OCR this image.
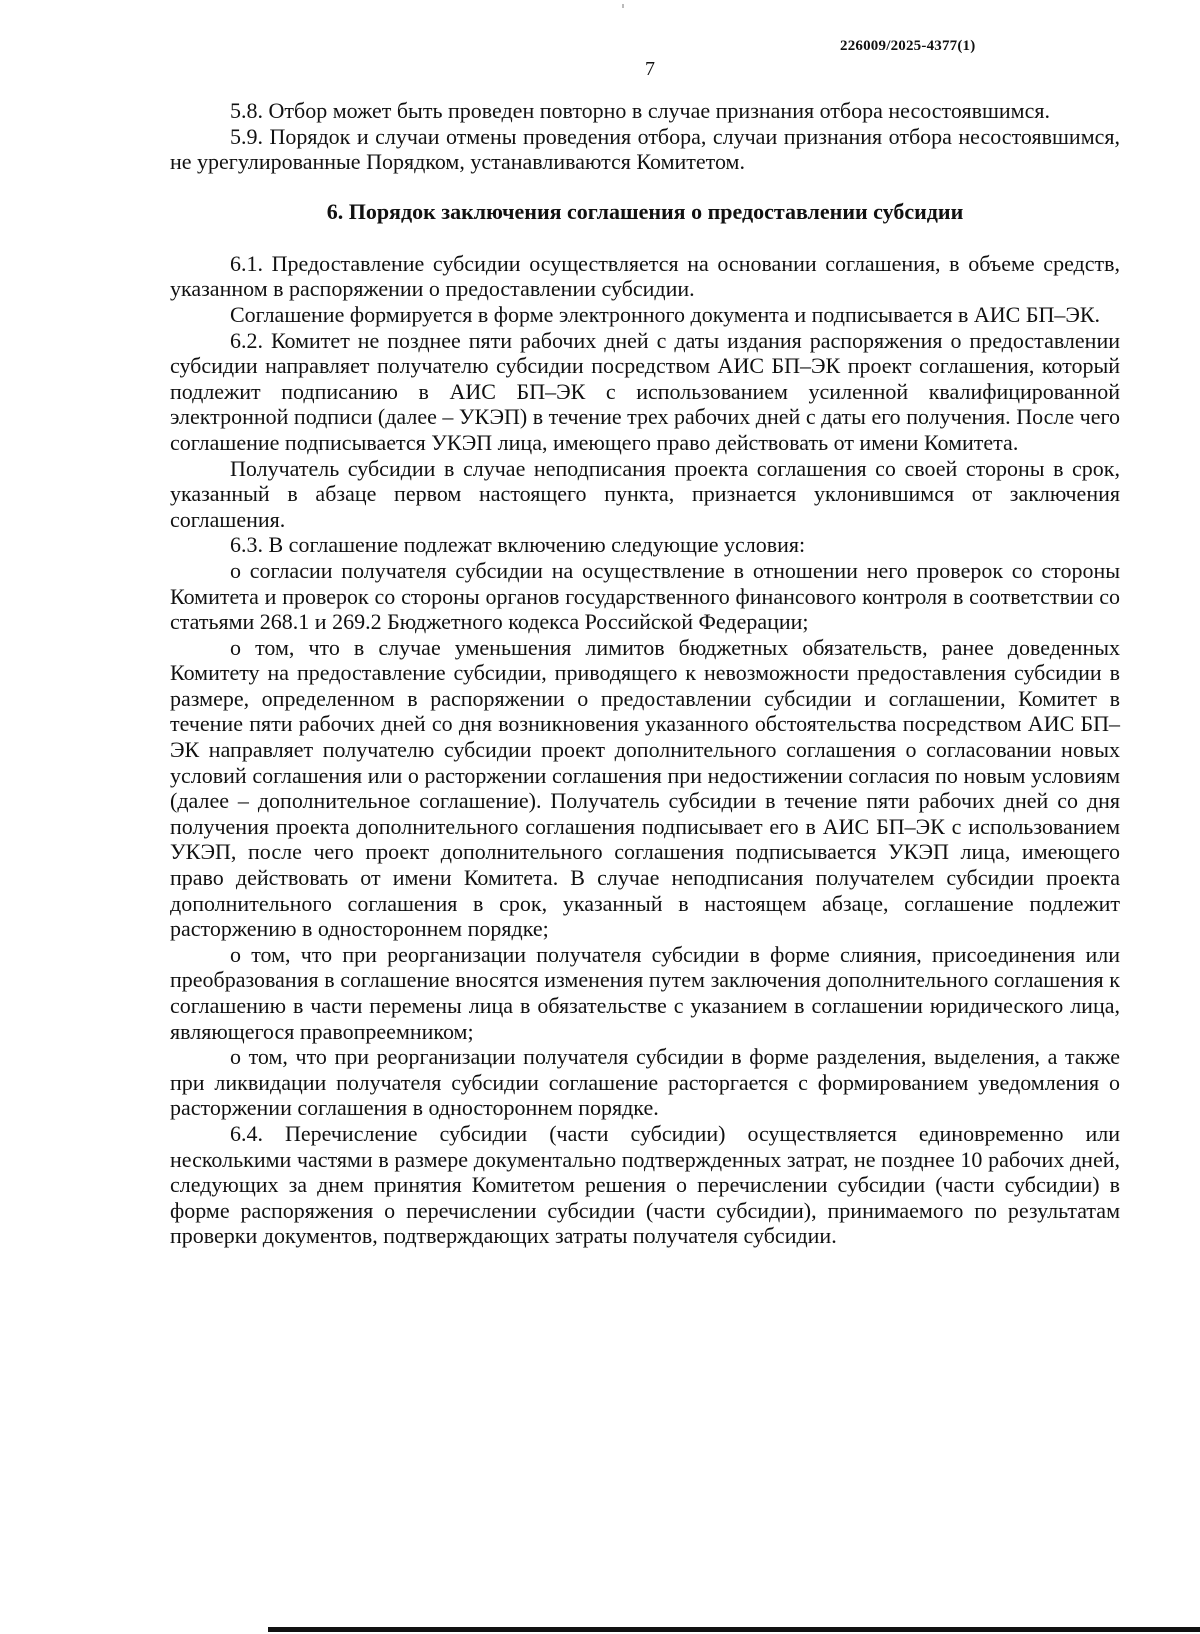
226009/2025-4377(1)
7

5.8. Отбор может быть проведен повторно в случае признания отбора несостоявшимся.

5.9. Порядок и случаи отмены проведения отбора, случаи признания отбора несостоявшимся, не урегулированные Порядком, устанавливаются Комитетом.

6. Порядок заключения соглашения о предоставлении субсидии

6.1. Предоставление субсидии осуществляется на основании соглашения, в объеме средств, указанном в распоряжении о предоставлении субсидии.

Соглашение формируется в форме электронного документа и подписывается в АИС БП–ЭК.

6.2. Комитет не позднее пяти рабочих дней с даты издания распоряжения о предоставлении субсидии направляет получателю субсидии посредством АИС БП–ЭК проект соглашения, который подлежит подписанию в АИС БП–ЭК с использованием усиленной квалифицированной электронной подписи (далее – УКЭП) в течение трех рабочих дней с даты его получения. После чего соглашение подписывается УКЭП лица, имеющего право действовать от имени Комитета.

Получатель субсидии в случае неподписания проекта соглашения со своей стороны в срок, указанный в абзаце первом настоящего пункта, признается уклонившимся от заключения соглашения.

6.3. В соглашение подлежат включению следующие условия:

о согласии получателя субсидии на осуществление в отношении него проверок со стороны Комитета и проверок со стороны органов государственного финансового контроля в соответствии со статьями 268.1 и 269.2 Бюджетного кодекса Российской Федерации;

о том, что в случае уменьшения лимитов бюджетных обязательств, ранее доведенных Комитету на предоставление субсидии, приводящего к невозможности предоставления субсидии в размере, определенном в распоряжении о предоставлении субсидии и соглашении, Комитет в течение пяти рабочих дней со дня возникновения указанного обстоятельства посредством АИС БП–ЭК направляет получателю субсидии проект дополнительного соглашения о согласовании новых условий соглашения или о расторжении соглашения при недостижении согласия по новым условиям (далее – дополнительное соглашение). Получатель субсидии в течение пяти рабочих дней со дня получения проекта дополнительного соглашения подписывает его в АИС БП–ЭК с использованием УКЭП, после чего проект дополнительного соглашения подписывается УКЭП лица, имеющего право действовать от имени Комитета. В случае неподписания получателем субсидии проекта дополнительного соглашения в срок, указанный в настоящем абзаце, соглашение подлежит расторжению в одностороннем порядке;

о том, что при реорганизации получателя субсидии в форме слияния, присоединения или преобразования в соглашение вносятся изменения путем заключения дополнительного соглашения к соглашению в части перемены лица в обязательстве с указанием в соглашении юридического лица, являющегося правопреемником;

о том, что при реорганизации получателя субсидии в форме разделения, выделения, а также при ликвидации получателя субсидии соглашение расторгается с формированием уведомления о расторжении соглашения в одностороннем порядке.

6.4. Перечисление субсидии (части субсидии) осуществляется единовременно или несколькими частями в размере документально подтвержденных затрат, не позднее 10 рабочих дней, следующих за днем принятия Комитетом решения о перечислении субсидии (части субсидии) в форме распоряжения о перечислении субсидии (части субсидии), принимаемого по результатам проверки документов, подтверждающих затраты получателя субсидии.
